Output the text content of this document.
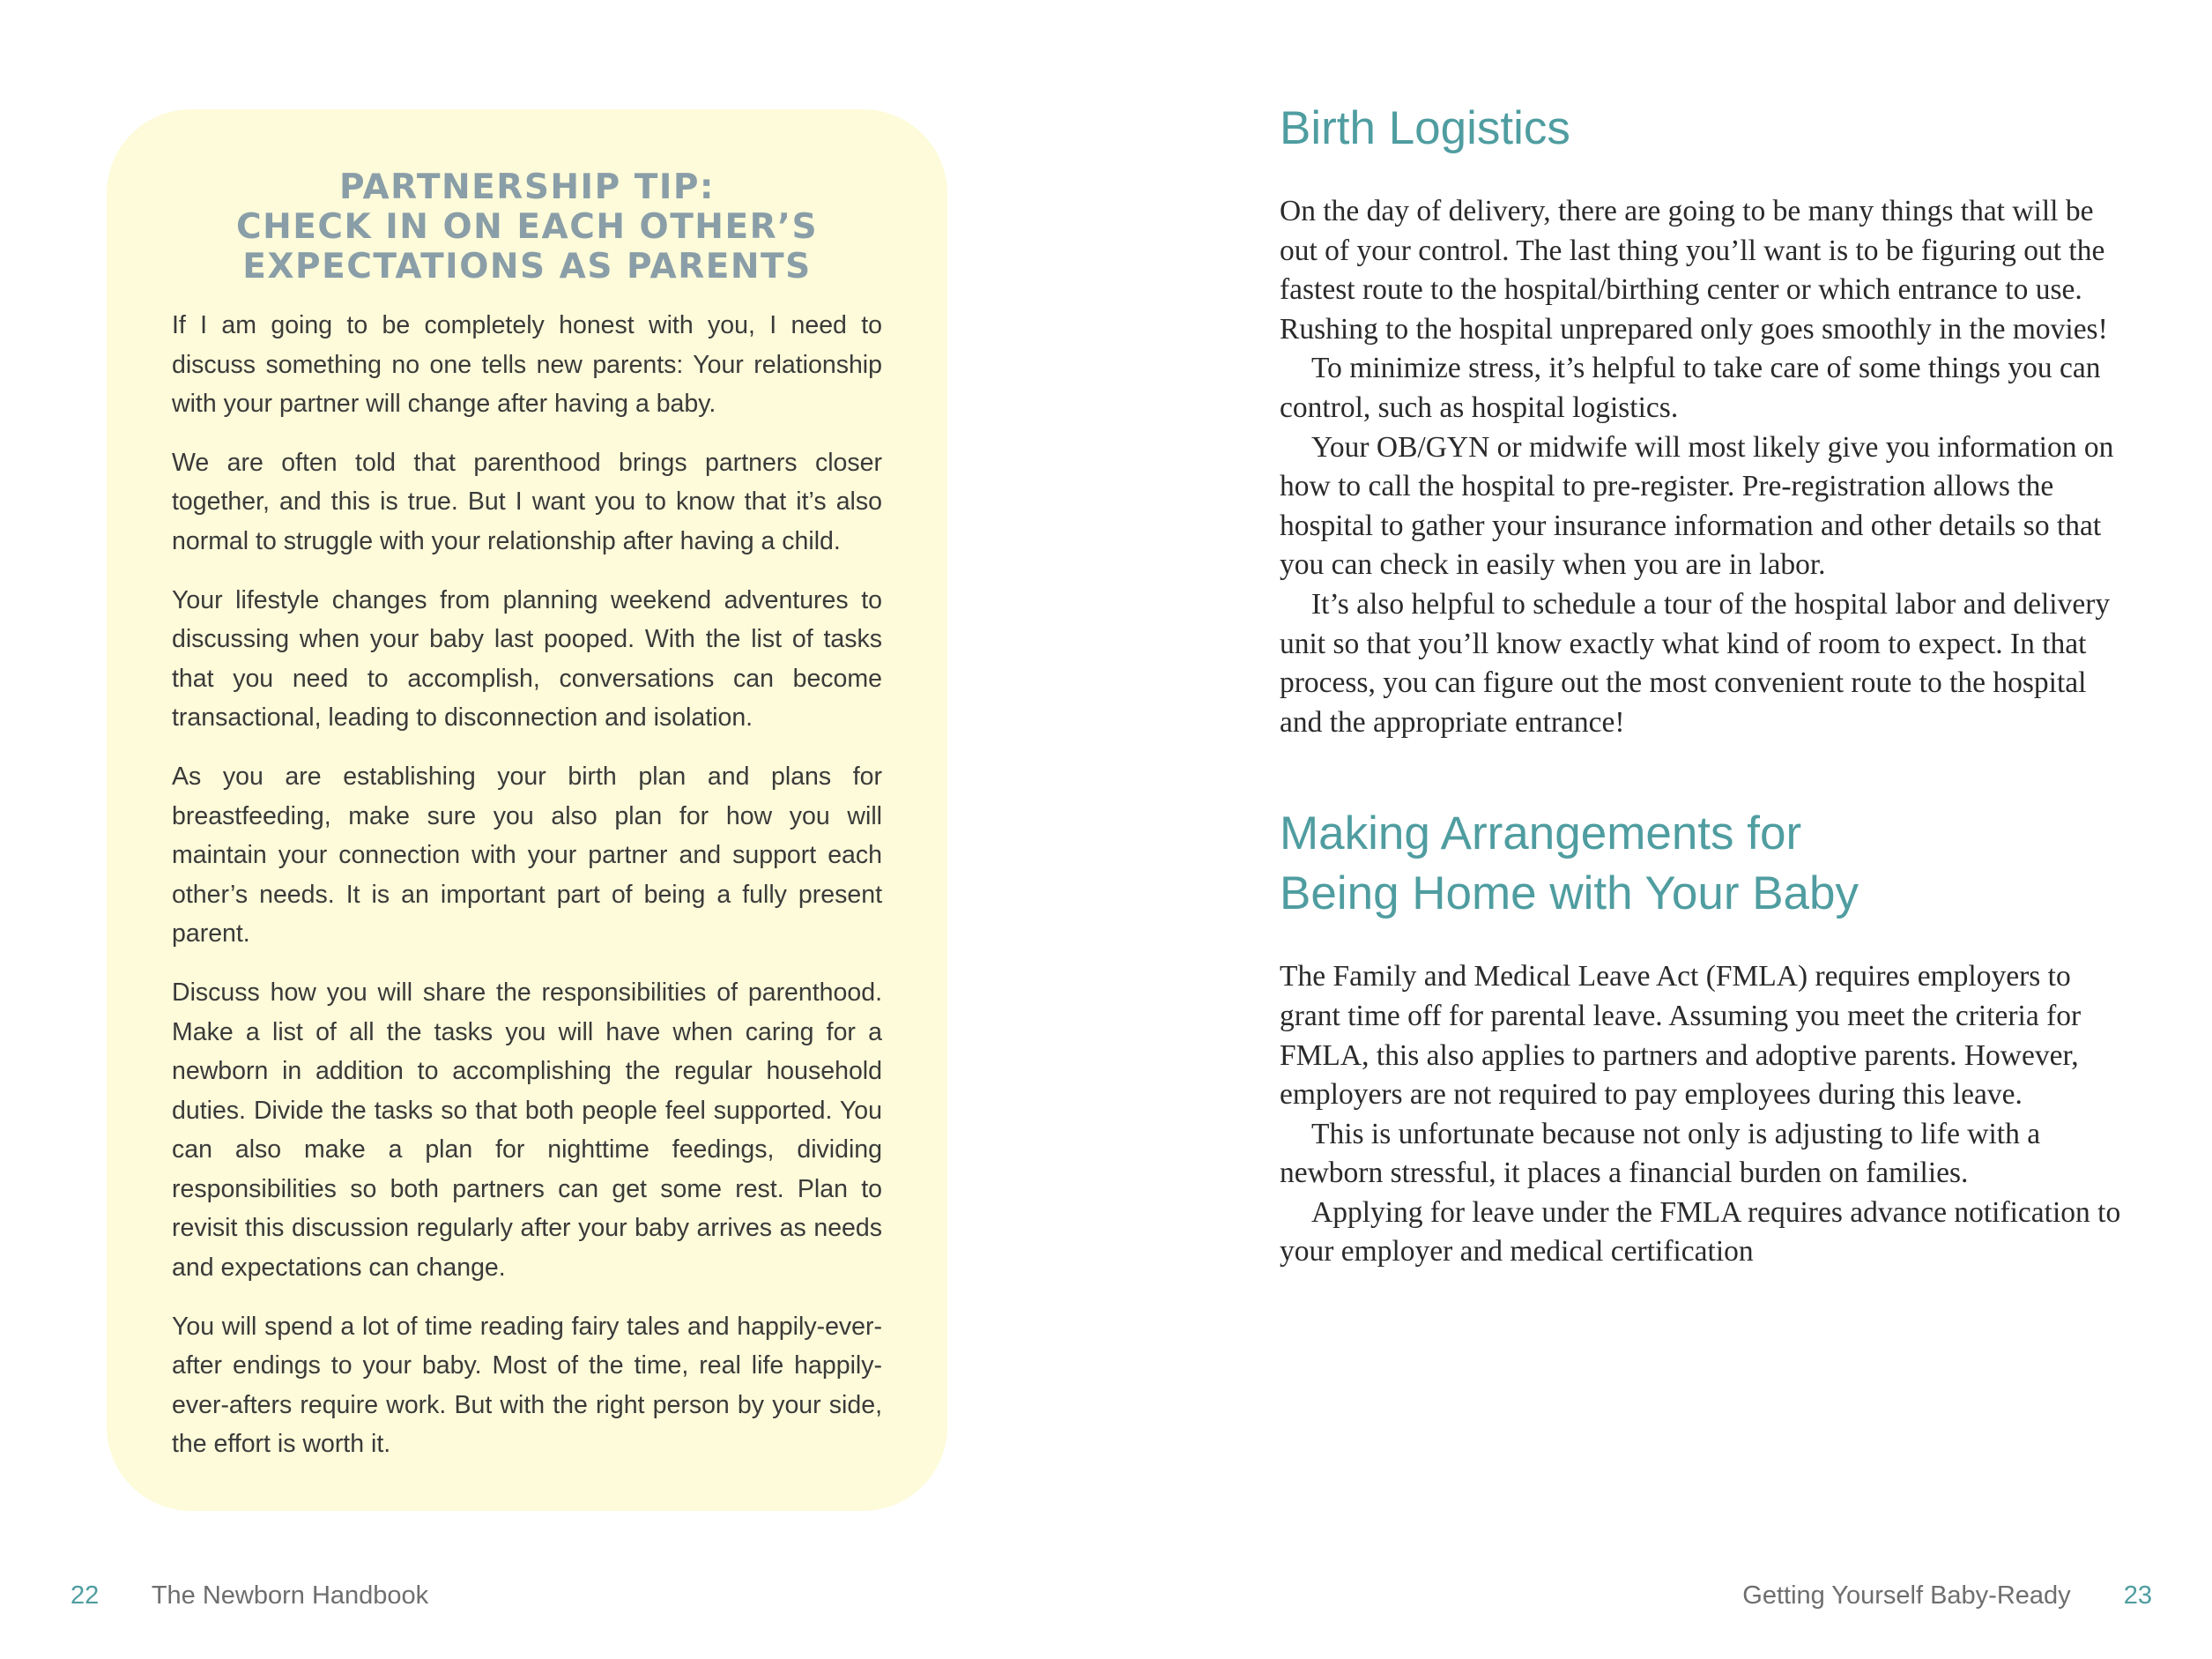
PARTNERSHIP TIP:
CHECK IN ON EACH OTHER’S
EXPECTATIONS AS PARENTS

If I am going to be completely honest with you, I need to discuss something no one tells new parents: Your relationship with your partner will change after having a baby.

We are often told that parenthood brings partners closer together, and this is true. But I want you to know that it’s also normal to struggle with your relationship after having a child.

Your lifestyle changes from planning weekend adventures to discussing when your baby last pooped. With the list of tasks that you need to accomplish, conversations can become transactional, leading to disconnection and isolation.

As you are establishing your birth plan and plans for breastfeeding, make sure you also plan for how you will maintain your connection with your partner and support each other’s needs. It is an important part of being a fully present parent.

Discuss how you will share the responsibilities of parenthood. Make a list of all the tasks you will have when caring for a newborn in addition to accomplishing the regular household duties. Divide the tasks so that both people feel supported. You can also make a plan for nighttime feedings, dividing responsibilities so both partners can get some rest. Plan to revisit this discussion regularly after your baby arrives as needs and expectations can change.

You will spend a lot of time reading fairy tales and happily-ever-after endings to your baby. Most of the time, real life happily-ever-afters require work. But with the right person by your side, the effort is worth it.

22 The Newborn Handbook
Birth Logistics

On the day of delivery, there are going to be many things that will be out of your control. The last thing you’ll want is to be figuring out the fastest route to the hospital/birthing center or which entrance to use. Rushing to the hospital unprepared only goes smoothly in the movies!

To minimize stress, it’s helpful to take care of some things you can control, such as hospital logistics.

Your OB/GYN or midwife will most likely give you information on how to call the hospital to pre-register. Pre-registration allows the hospital to gather your insurance information and other details so that you can check in easily when you are in labor.

It’s also helpful to schedule a tour of the hospital labor and delivery unit so that you’ll know exactly what kind of room to expect. In that process, you can figure out the most convenient route to the hospital and the appropriate entrance!

Making Arrangements for
Being Home with Your Baby

The Family and Medical Leave Act (FMLA) requires employers to grant time off for parental leave. Assuming you meet the criteria for FMLA, this also applies to partners and adoptive parents. However, employers are not required to pay employees during this leave.

This is unfortunate because not only is adjusting to life with a newborn stressful, it places a financial burden on families.

Applying for leave under the FMLA requires advance notification to your employer and medical certification

Getting Yourself Baby-Ready 23
